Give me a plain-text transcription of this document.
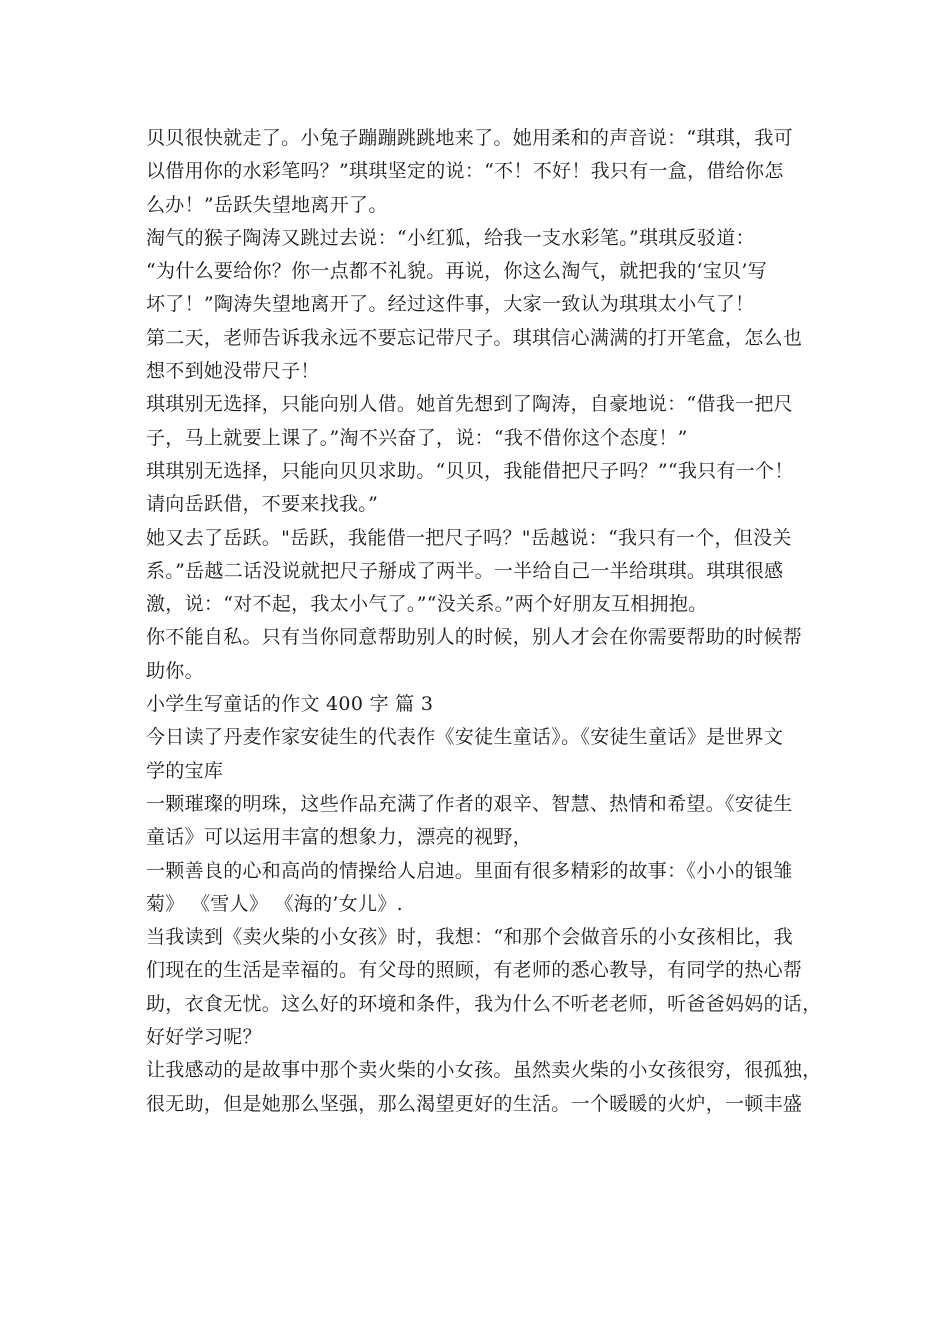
贝贝很快就走了。小兔子蹦蹦跳跳地来了。她用柔和的声音说：“琪琪，我可
以借用你的水彩笔吗？”琪琪坚定的说：“不！不好！我只有一盒，借给你怎
么办！”岳跃失望地离开了。
淘气的猴子陶涛又跳过去说：“小红狐，给我一支水彩笔。”琪琪反驳道：
“为什么要给你？你一点都不礼貌。再说，你这么淘气，就把我的‘宝贝’写
坏了！”陶涛失望地离开了。经过这件事，大家一致认为琪琪太小气了！
第二天，老师告诉我永远不要忘记带尺子。琪琪信心满满的打开笔盒，怎么也
想不到她没带尺子！
琪琪别无选择，只能向别人借。她首先想到了陶涛，自豪地说：“借我一把尺
子，马上就要上课了。”淘不兴奋了，说：“我不借你这个态度！”
琪琪别无选择，只能向贝贝求助。“贝贝，我能借把尺子吗？”“我只有一个！
请向岳跃借，不要来找我。”
她又去了岳跃。"岳跃，我能借一把尺子吗？"岳越说：“我只有一个，但没关
系。”岳越二话没说就把尺子掰成了两半。一半给自己一半给琪琪。琪琪很感
激，说：“对不起，我太小气了。”“没关系。”两个好朋友互相拥抱。
你不能自私。只有当你同意帮助别人的时候，别人才会在你需要帮助的时候帮
助你。
小学生写童话的作文 400 字 篇 3
今日读了丹麦作家安徒生的代表作《安徒生童话》。《安徒生童话》是世界文
学的宝库
一颗璀璨的明珠，这些作品充满了作者的艰辛、智慧、热情和希望。《安徒生
童话》可以运用丰富的想象力，漂亮的视野，
一颗善良的心和高尚的情操给人启迪。里面有很多精彩的故事：《小小的银雏
菊》 《雪人》 《海的’女儿》.
当我读到《卖火柴的小女孩》时，我想：“和那个会做音乐的小女孩相比，我
们现在的生活是幸福的。有父母的照顾，有老师的悉心教导，有同学的热心帮
助，衣食无忧。这么好的环境和条件，我为什么不听老老师，听爸爸妈妈的话，
好好学习呢？
让我感动的是故事中那个卖火柴的小女孩。虽然卖火柴的小女孩很穷，很孤独，
很无助，但是她那么坚强，那么渴望更好的生活。一个暖暖的火炉，一顿丰盛
